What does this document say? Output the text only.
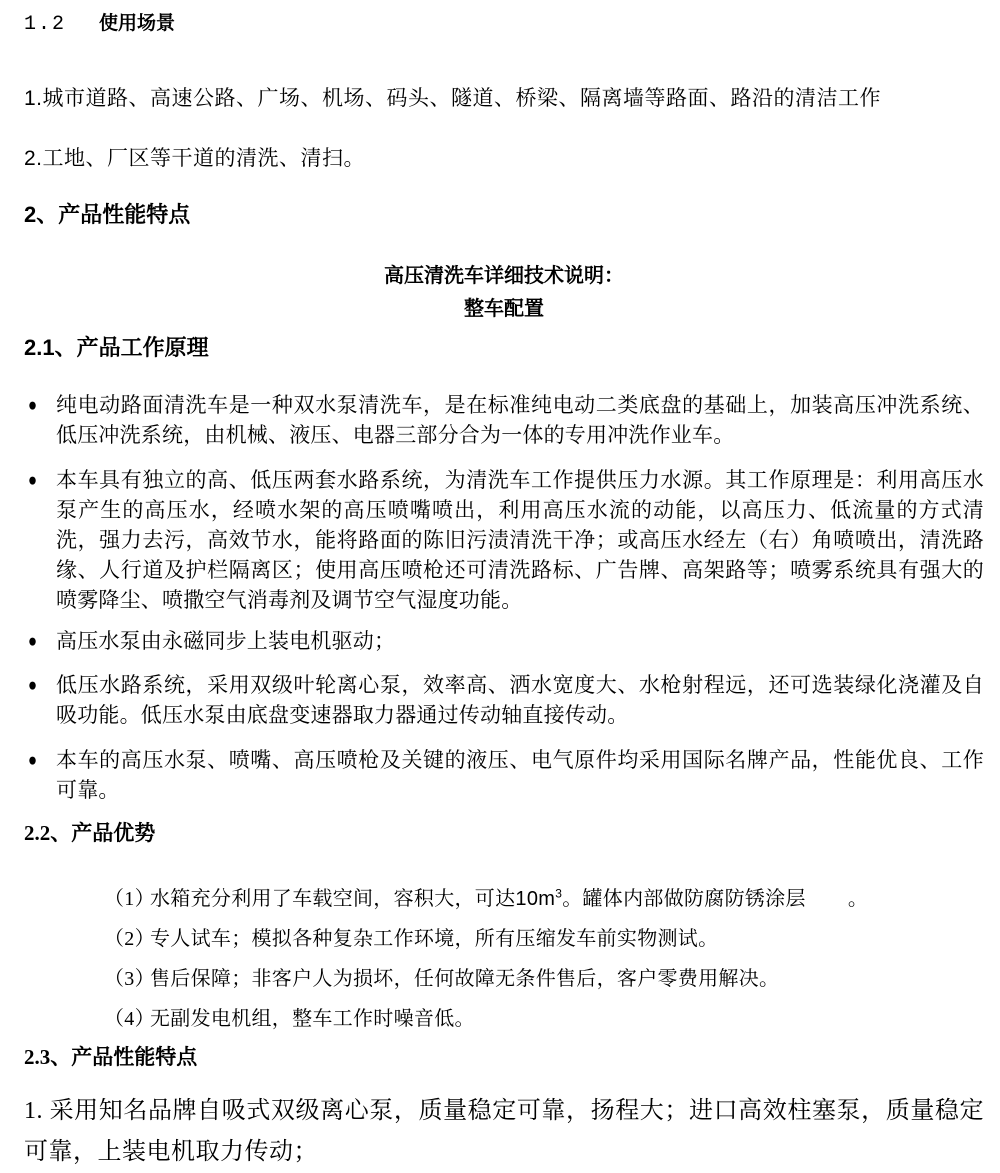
1.2 使用场景

1.城市道路、高速公路、广场、机场、码头、隧道、桥梁、隔离墙等路面、路沿的清洁工作

2.工地、厂区等干道的清洗、清扫。

2、产品性能特点

高压清洗车详细技术说明：

整车配置

2.1、产品工作原理
● 纯电动路面清洗车是一种双水泵清洗车，是在标准纯电动二类底盘的基础上，加装高压冲洗系统、低压冲洗系统，由机械、液压、电器三部分合为一体的专用冲洗作业车。
● 本车具有独立的高、低压两套水路系统，为清洗车工作提供压力水源。其工作原理是：利用高压水泵产生的高压水，经喷水架的高压喷嘴喷出，利用高压水流的动能，以高压力、低流量的方式清洗，强力去污，高效节水，能将路面的陈旧污渍清洗干净；或高压水经左（右）角喷喷出，清洗路缘、人行道及护栏隔离区；使用高压喷枪还可清洗路标、广告牌、高架路等；喷雾系统具有强大的喷雾降尘、喷撒空气消毒剂及调节空气湿度功能。
● 高压水泵由永磁同步上装电机驱动；
● 低压水路系统，采用双级叶轮离心泵，效率高、洒水宽度大、水枪射程远，还可选装绿化浇灌及自吸功能。低压水泵由底盘变速器取力器通过传动轴直接传动。
● 本车的高压水泵、喷嘴、高压喷枪及关键的液压、电气原件均采用国际名牌产品，性能优良、工作可靠。
2.2、产品优势
（1）
水箱充分利用了车载空间，容积大，可达$10m^3$。罐体内部做防腐防锈涂层 。
（2）
专人试车；模拟各种复杂工作环境，所有压缩发车前实物测试。
（3）
售后保障；非客户人为损坏，任何故障无条件售后，客户零费用解决。
（4）
无副发电机组，整车工作时噪音低。
2.3、产品性能特点

1. 采用知名品牌自吸式双级离心泵，质量稳定可靠，扬程大；进口高效柱塞泵，质量稳定可靠，上装电机取力传动；
